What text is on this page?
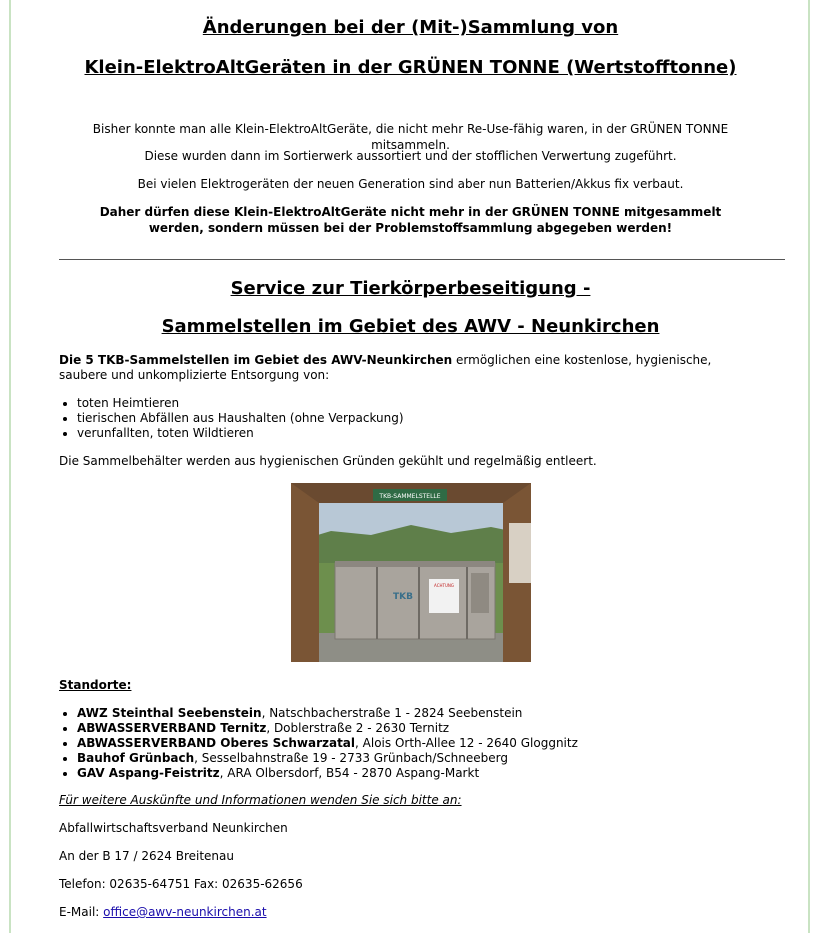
Änderungen bei der (Mit-)Sammlung von
Klein-ElektroAltGeräten in der GRÜNEN TONNE (Wertstofftonne)

Bisher konnte man alle Klein-ElektroAltGeräte, die nicht mehr Re-Use-fähig waren, in der GRÜNEN TONNE mitsammeln.

Diese wurden dann im Sortierwerk aussortiert und der stofflichen Verwertung zugeführt.

Bei vielen Elektrogeräten der neuen Generation sind aber nun Batterien/Akkus fix verbaut.

Daher dürfen diese Klein-ElektroAltGeräte nicht mehr in der GRÜNEN TONNE mitgesammelt werden, sondern müssen bei der Problemstoffsammlung abgegeben werden!

Service zur Tierkörperbeseitigung -
Sammelstellen im Gebiet des AWV - Neunkirchen

Die 5 TKB-Sammelstellen im Gebiet des AWV-Neunkirchen ermöglichen eine kostenlose, hygienische, saubere und unkomplizierte Entsorgung von:

• toten Heimtieren
• tierischen Abfällen aus Haushalten (ohne Verpackung)
• verunfallten, toten Wildtieren

Die Sammelbehälter werden aus hygienischen Gründen gekühlt und regelmäßig entleert.

TKB-SAMMELSTELLE
TKB
ACHTUNG

Standorte:

• AWZ Steinthal Seebenstein, Natschbacherstraße 1 - 2824 Seebenstein
• ABWASSERVERBAND Ternitz, Doblerstraße 2 - 2630 Ternitz
• ABWASSERVERBAND Oberes Schwarzatal, Alois Orth-Allee 12 - 2640 Gloggnitz
• Bauhof Grünbach, Sesselbahnstraße 19 - 2733 Grünbach/Schneeberg
• GAV Aspang-Feistritz, ARA Olbersdorf, B54 - 2870 Aspang-Markt

Für weitere Auskünfte und Informationen wenden Sie sich bitte an:

Abfallwirtschaftsverband Neunkirchen

An der B 17 / 2624 Breitenau

Telefon: 02635-64751 Fax: 02635-62656

E-Mail: office@awv-neunkirchen.at
